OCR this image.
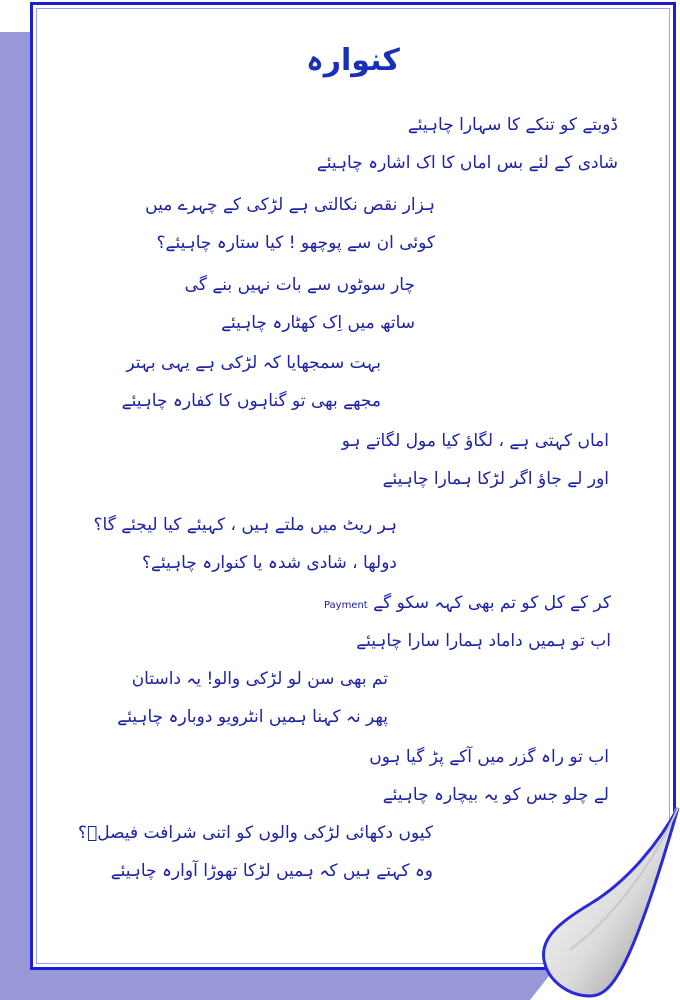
کنوارہ
ڈوبتے کو تنکے کا سہارا چاہیئے
شادی کے لئے بس اماں کا اک اشارہ چاہیئے
ہزار نقص نکالتی ہے لڑکی کے چہرے میں
کوئی ان سے پوچھو ! کیا ستارہ چاہیئے؟
چار سوٹوں سے بات نہیں بنے گی
ساتھ میں اِک کھٹارہ چاہیئے
بہت سمجھایا کہ لڑکی ہے یہی بہتر
مجھے بھی تو گناہوں کا کفارہ چاہیئے
اماں کہتی ہے ، لگاؤ کیا مول لگاتے ہو
اور لے جاؤ اگر لڑکا ہمارا چاہیئے
ہر ریٹ میں ملتے ہیں ، کہیئے کیا لیجئے گا؟
دولھا ، شادی شدہ یا کنوارہ چاہیئے؟
کر کے کل کو تم بھی کہہ سکو گے Payment
اب تو ہمیں داماد ہمارا سارا چاہیئے
تم بھی سن لو لڑکی والو! یہ داستان
پھر نہ کہنا ہمیں انٹرویو دوبارہ چاہیئے
اب تو راہ گزر میں آکے پڑ گیا ہوں
لے چلو جس کو یہ بیچارہ چاہیئے
کیوں دکھائی لڑکی والوں کو اتنی شرافت فیصلؔ؟
وہ کہتے ہیں کہ ہمیں لڑکا تھوڑا آوارہ چاہیئے
